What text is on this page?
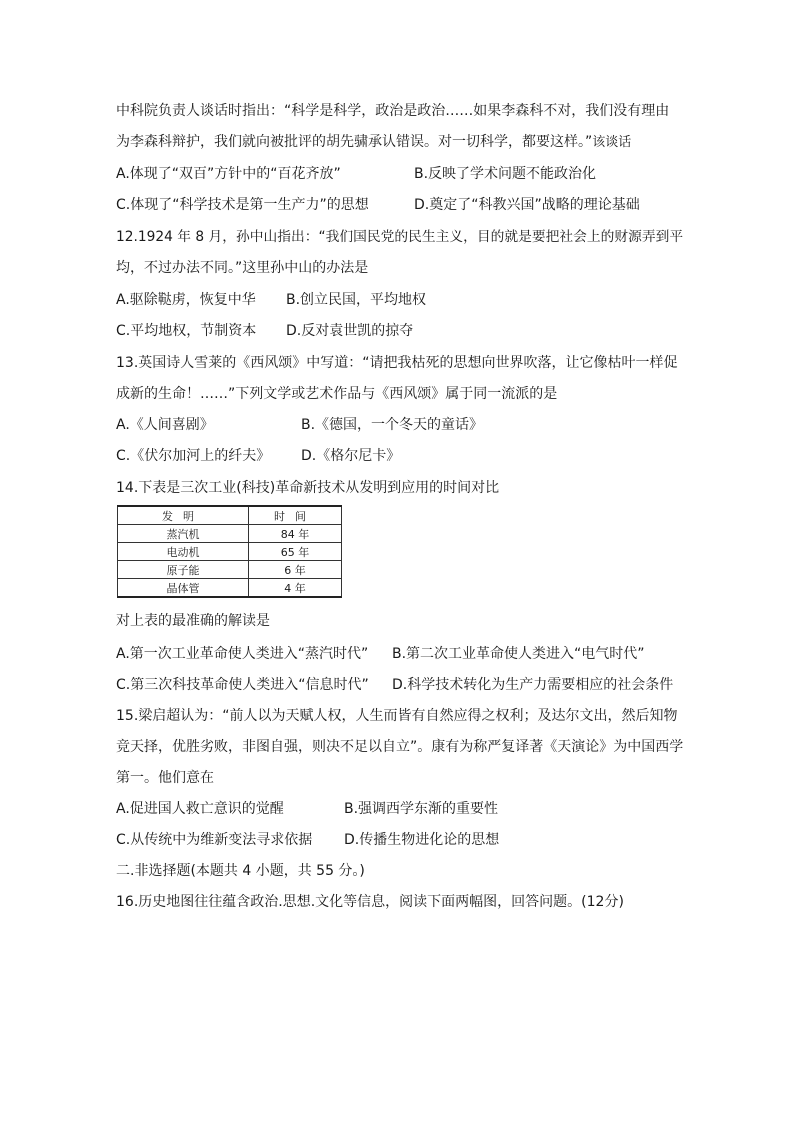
中科院负责人谈话时指出：“科学是科学，政治是政治……如果李森科不对，我们没有理由
为李森科辩护，我们就向被批评的胡先骕承认错误。对一切科学，都要这样。”该谈话
A.体现了“双百”方针中的“百花齐放”	B.反映了学术问题不能政治化
C.体现了“科学技术是第一生产力”的思想	D.奠定了“科教兴国”战略的理论基础
12.1924 年 8 月，孙中山指出：“我们国民党的民生主义，目的就是要把社会上的财源弄到平
均，不过办法不同。”这里孙中山的办法是
A.驱除鞑虏，恢复中华 B.创立民国，平均地权
C.平均地权，节制资本 D.反对袁世凯的掠夺
13.英国诗人雪莱的《西风颂》中写道：“请把我枯死的思想向世界吹落，让它像枯叶一样促
成新的生命！……”下列文学或艺术作品与《西风颂》属于同一流派的是
A.《人间喜剧》	B.《德国，一个冬天的童话》
C.《伏尔加河上的纤夫》 D.《格尔尼卡》
14.下表是三次工业(科技)革命新技术从发明到应用的时间对比
发明	时间
蒸汽机	84 年
电动机	65 年
原子能	6 年
晶体管	4 年
对上表的最准确的解读是
A.第一次工业革命使人类进入“蒸汽时代” B.第二次工业革命使人类进入“电气时代”
C.第三次科技革命使人类进入“信息时代” D.科学技术转化为生产力需要相应的社会条件
15.梁启超认为：“前人以为天赋人权，人生而皆有自然应得之权利；及达尔文出，然后知物
竞天择，优胜劣败，非图自强，则决不足以自立”。康有为称严复译著《天演论》为中国西学
第一。他们意在
A.促进国人救亡意识的觉醒	B.强调西学东渐的重要性
C.从传统中为维新变法寻求依据 D.传播生物进化论的思想
二.非选择题(本题共 4 小题，共 55 分。)
16.历史地图往往蕴含政治.思想.文化等信息，阅读下面两幅图，回答问题。(12分)
